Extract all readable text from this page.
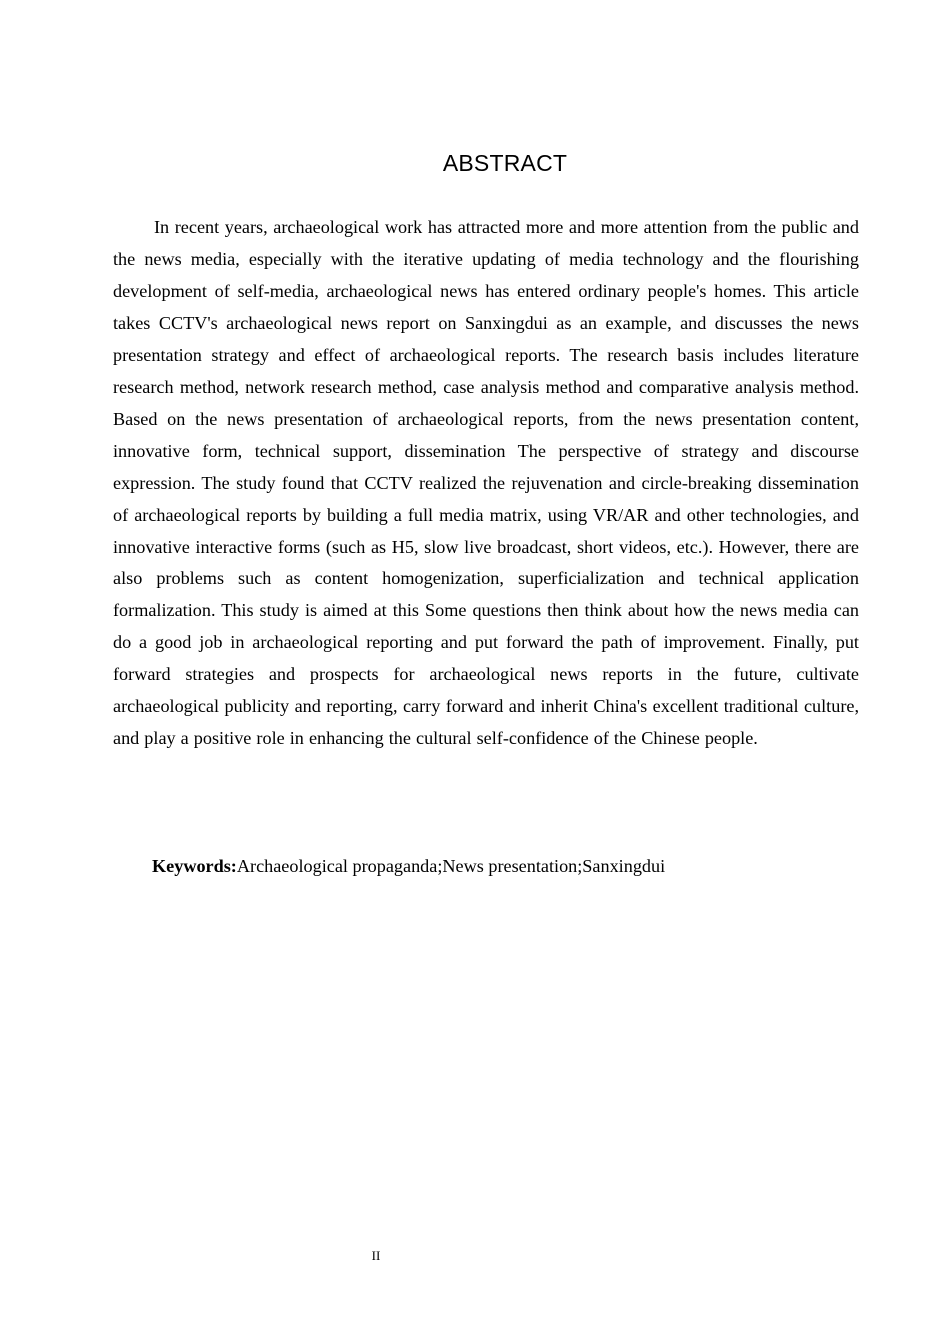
ABSTRACT

In recent years, archaeological work has attracted more and more attention from the public and the news media, especially with the iterative updating of media technology and the flourishing development of self-media, archaeological news has entered ordinary people's homes. This article takes CCTV's archaeological news report on Sanxingdui as an example, and discusses the news presentation strategy and effect of archaeological reports. The research basis includes literature research method, network research method, case analysis method and comparative analysis method. Based on the news presentation of archaeological reports, from the news presentation content, innovative form, technical support, dissemination The perspective of strategy and discourse expression. The study found that CCTV realized the rejuvenation and circle-breaking dissemination of archaeological reports by building a full media matrix, using VR/AR and other technologies, and innovative interactive forms (such as H5, slow live broadcast, short videos, etc.). However, there are also problems such as content homogenization, superficialization and technical application formalization. This study is aimed at this Some questions then think about how the news media can do a good job in archaeological reporting and put forward the path of improvement. Finally, put forward strategies and prospects for archaeological news reports in the future, cultivate archaeological publicity and reporting, carry forward and inherit China's excellent traditional culture, and play a positive role in enhancing the cultural self-confidence of the Chinese people.

Keywords:Archaeological propaganda;News presentation;Sanxingdui

II
